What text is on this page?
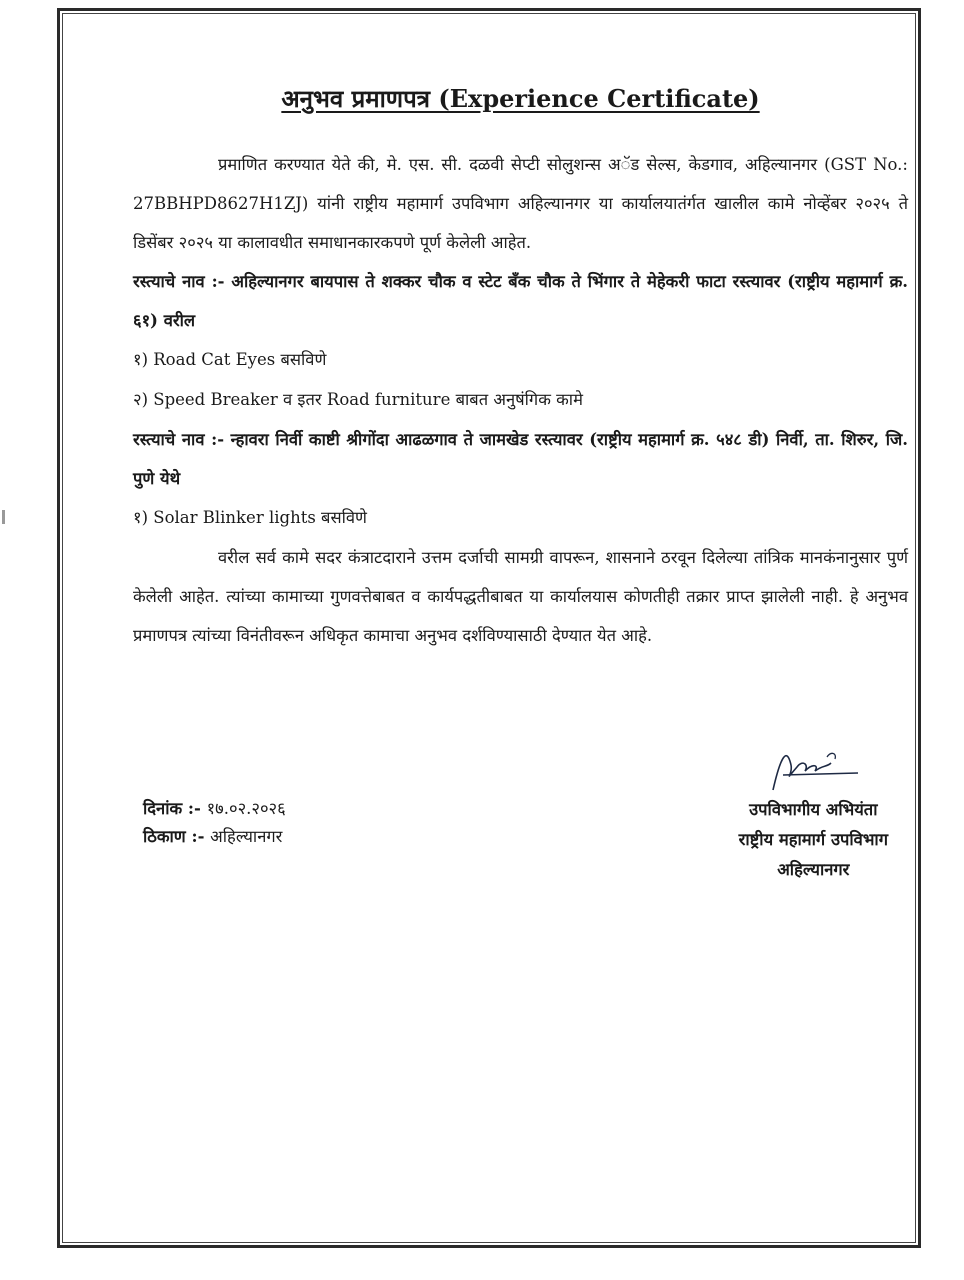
अनुभव प्रमाणपत्र (Experience Certificate)

प्रमाणित करण्यात येते की, मे. एस. सी. दळवी सेप्टी सोलुशन्स अॅड सेल्स, केडगाव, अहिल्यानगर (GST No.: 27BBHPD8627H1ZJ) यांनी राष्ट्रीय महामार्ग उपविभाग अहिल्यानगर या कार्यालयातंर्गत खालील कामे नोव्हेंबर २०२५ ते डिसेंबर २०२५ या कालावधीत समाधानकारकपणे पूर्ण केलेली आहेत.

रस्त्याचे नाव :- अहिल्यानगर बायपास ते शक्कर चौक व स्टेट बँक चौक ते भिंगार ते मेहेकरी फाटा रस्त्यावर (राष्ट्रीय महामार्ग क्र. ६१) वरील

१) Road Cat Eyes बसविणे

२) Speed Breaker व इतर Road furniture बाबत अनुषंगिक कामे

रस्त्याचे नाव :- न्हावरा निर्वी काष्टी श्रीगोंदा आढळगाव ते जामखेड रस्त्यावर (राष्ट्रीय महामार्ग क्र. ५४८ डी) निर्वी, ता. शिरुर, जि. पुणे येथे

१) Solar Blinker lights बसविणे

वरील सर्व कामे सदर कंत्राटदाराने उत्तम दर्जाची सामग्री वापरून, शासनाने ठरवून दिलेल्या तांत्रिक मानकंनानुसार पुर्ण केलेली आहेत. त्यांच्या कामाच्या गुणवत्तेबाबत व कार्यपद्धतीबाबत या कार्यालयास कोणतीही तक्रार प्राप्त झालेली नाही. हे अनुभव प्रमाणपत्र त्यांच्या विनंतीवरून अधिकृत कामाचा अनुभव दर्शविण्यासाठी देण्यात येत आहे.

दिनांक :- १७.०२.२०२६
ठिकाण :- अहिल्यानगर
उपविभागीय अभियंता
राष्ट्रीय महामार्ग उपविभाग
अहिल्यानगर
